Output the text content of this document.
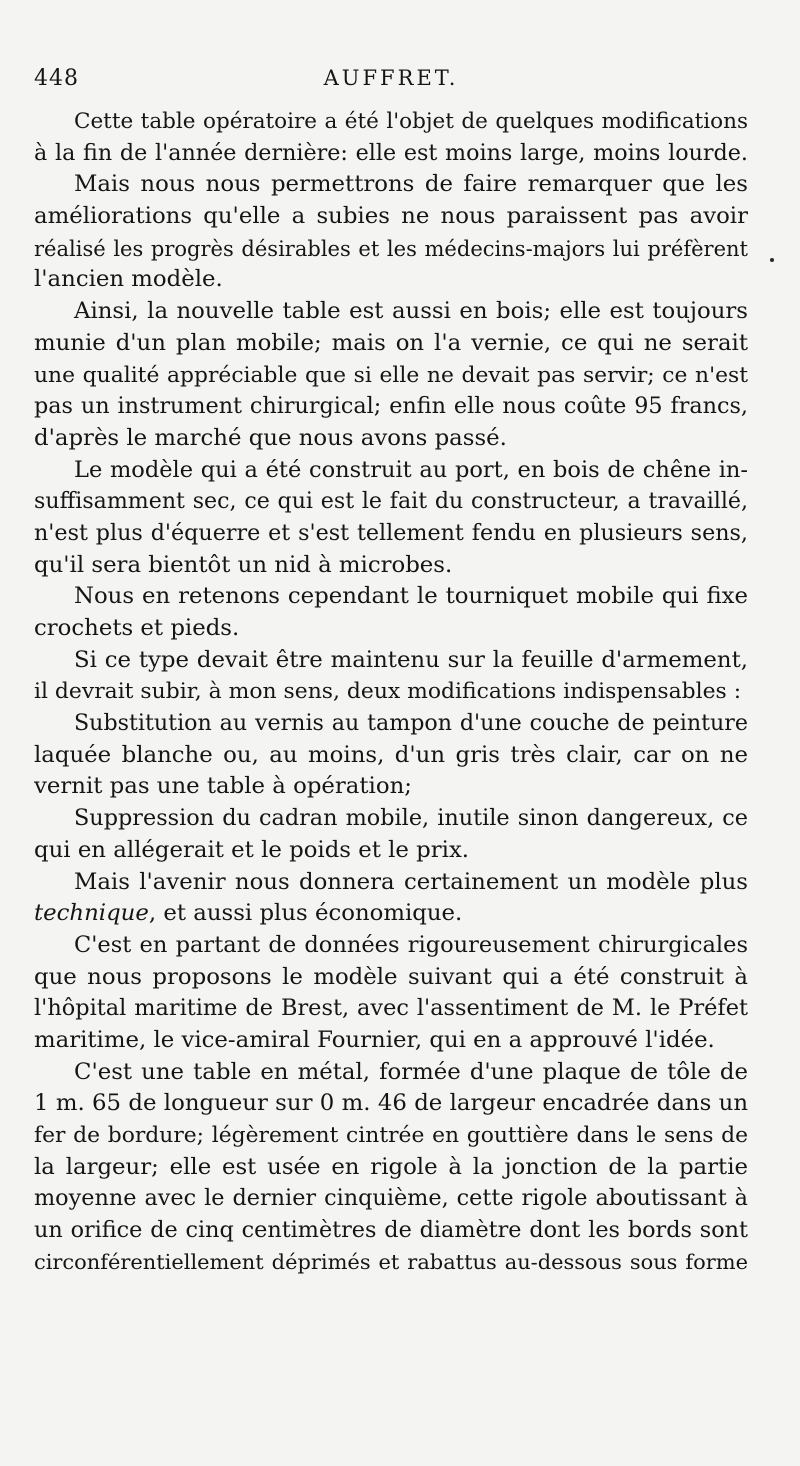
448	AUFFRET.
Cette table opératoire a été l'objet de quelques modifications
à la fin de l'année dernière: elle est moins large, moins lourde.
Mais nous nous permettrons de faire remarquer que les
améliorations qu'elle a subies ne nous paraissent pas avoir
réalisé les progrès désirables et les médecins-majors lui préfèrent
l'ancien modèle.
Ainsi, la nouvelle table est aussi en bois; elle est toujours
munie d'un plan mobile; mais on l'a vernie, ce qui ne serait
une qualité appréciable que si elle ne devait pas servir; ce n'est
pas un instrument chirurgical; enfin elle nous coûte 95 francs,
d'après le marché que nous avons passé.
Le modèle qui a été construit au port, en bois de chêne in-
suffisamment sec, ce qui est le fait du constructeur, a travaillé,
n'est plus d'équerre et s'est tellement fendu en plusieurs sens,
qu'il sera bientôt un nid à microbes.
Nous en retenons cependant le tourniquet mobile qui fixe
crochets et pieds.
Si ce type devait être maintenu sur la feuille d'armement,
il devrait subir, à mon sens, deux modifications indispensables :
Substitution au vernis au tampon d'une couche de peinture
laquée blanche ou, au moins, d'un gris très clair, car on ne
vernit pas une table à opération;
Suppression du cadran mobile, inutile sinon dangereux, ce
qui en allégerait et le poids et le prix.
Mais l'avenir nous donnera certainement un modèle plus
technique, et aussi plus économique.
C'est en partant de données rigoureusement chirurgicales
que nous proposons le modèle suivant qui a été construit à
l'hôpital maritime de Brest, avec l'assentiment de M. le Préfet
maritime, le vice-amiral Fournier, qui en a approuvé l'idée.
C'est une table en métal, formée d'une plaque de tôle de
1 m. 65 de longueur sur 0 m. 46 de largeur encadrée dans un
fer de bordure; légèrement cintrée en gouttière dans le sens de
la largeur; elle est usée en rigole à la jonction de la partie
moyenne avec le dernier cinquième, cette rigole aboutissant à
un orifice de cinq centimètres de diamètre dont les bords sont
circonférentiellement déprimés et rabattus au-dessous sous forme
